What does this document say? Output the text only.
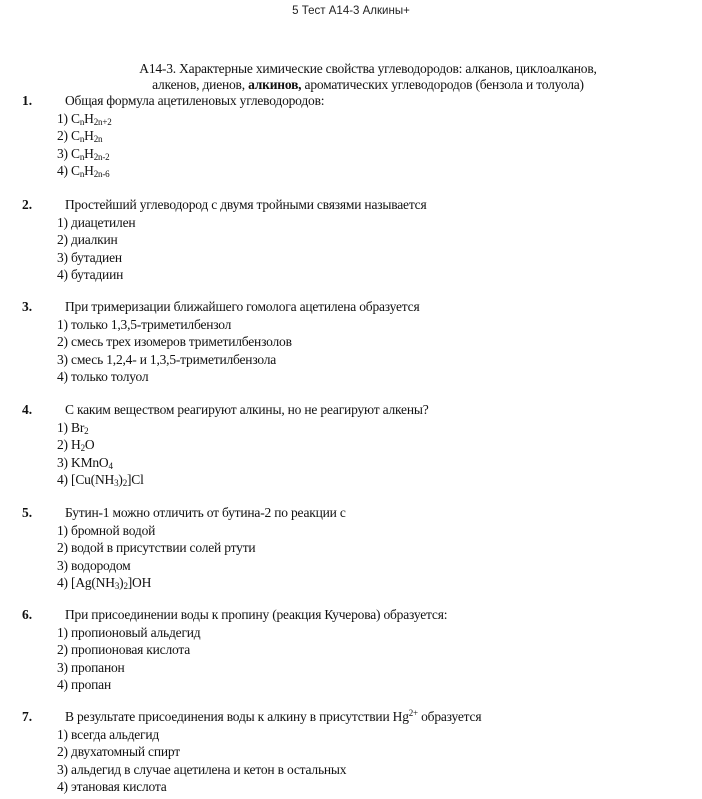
5 Тест А14-3 Алкины+
А14-3. Характерные химические свойства углеводородов: алканов, циклоалканов,
алкенов, диенов, алкинов, ароматических углеводородов (бензола и толуола)
1. Общая формула ацетиленовых углеводородов:
1) $C_nH_{2n+2}$
2) $C_nH_{2n}$
3) $C_nH_{2n-2}$
4) $C_nH_{2n-6}$
2. Простейший углеводород с двумя тройными связями называется
1) диацетилен
2) диалкин
3) бутадиен
4) бутадиин
3. При тримеризации ближайшего гомолога ацетилена образуется
1) только 1,3,5-триметилбензол
2) смесь трех изомеров триметилбензолов
3) смесь 1,2,4- и 1,3,5-триметилбензола
4) только толуол
4. С каким веществом реагируют алкины, но не реагируют алкены?
1) $Br_2$
2) $H_2O$
3) KMnO$_4$
4) $[Cu(NH_3)_2]Cl$
5. Бутин-1 можно отличить от бутина-2 по реакции с
1) бромной водой
2) водой в присутствии солей ртути
3) водородом
4) $[Ag(NH_3)_2]OH$
6. При присоединении воды к пропину (реакция Кучерова) образуется:
1) пропионовый альдегид
2) пропионовая кислота
3) пропанон
4) пропан
7. В результате присоединения воды к алкину в присутствии $Hg^{2+}$ образуется
1) всегда альдегид
2) двухатомный спирт
3) альдегид в случае ацетилена и кетон в остальных
4) этановая кислота
